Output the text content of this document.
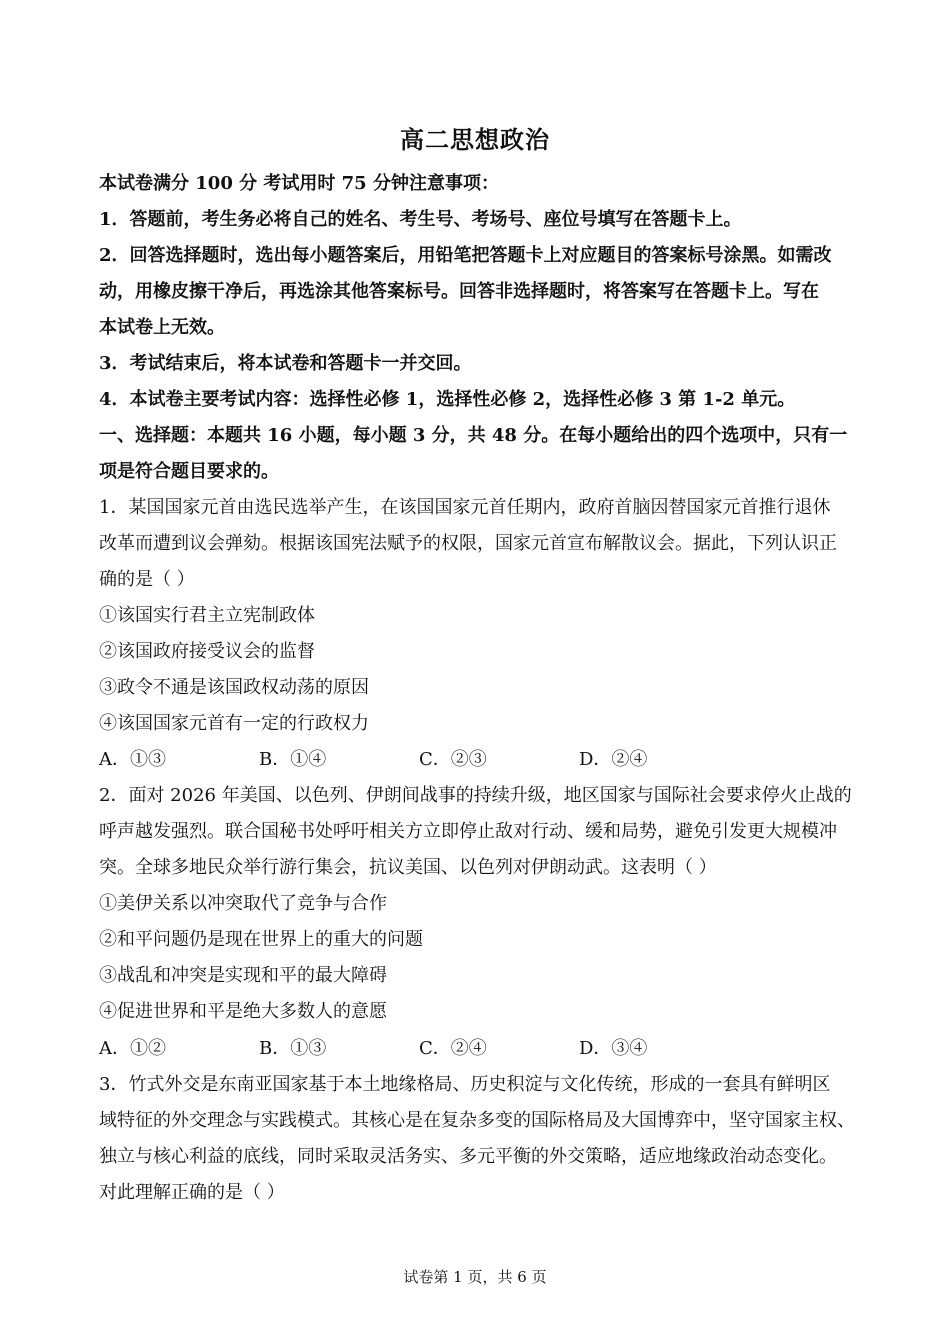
高二思想政治
本试卷满分 100 分 考试用时 75 分钟注意事项：
1．答题前，考生务必将自己的姓名、考生号、考场号、座位号填写在答题卡上。
2．回答选择题时，选出每小题答案后，用铅笔把答题卡上对应题目的答案标号涂黑。如需改
动，用橡皮擦干净后，再选涂其他答案标号。回答非选择题时，将答案写在答题卡上。写在
本试卷上无效。
3．考试结束后，将本试卷和答题卡一并交回。
4．本试卷主要考试内容：选择性必修 1，选择性必修 2，选择性必修 3 第 1-2 单元。
一、选择题：本题共 16 小题，每小题 3 分，共 48 分。在每小题给出的四个选项中，只有一
项是符合题目要求的。
1．某国国家元首由选民选举产生，在该国国家元首任期内，政府首脑因替国家元首推行退休
改革而遭到议会弹劾。根据该国宪法赋予的权限，国家元首宣布解散议会。据此，下列认识正
确的是（ ）
①该国实行君主立宪制政体
②该国政府接受议会的监督
③政令不通是该国政权动荡的原因
④该国国家元首有一定的行政权力
A．①③	B．①④	C．②③	D．②④
2．面对 2026 年美国、以色列、伊朗间战事的持续升级，地区国家与国际社会要求停火止战的
呼声越发强烈。联合国秘书处呼吁相关方立即停止敌对行动、缓和局势，避免引发更大规模冲
突。全球多地民众举行游行集会，抗议美国、以色列对伊朗动武。这表明（ ）
①美伊关系以冲突取代了竞争与合作
②和平问题仍是现在世界上的重大的问题
③战乱和冲突是实现和平的最大障碍
④促进世界和平是绝大多数人的意愿
A．①②	B．①③	C．②④	D．③④
3．竹式外交是东南亚国家基于本土地缘格局、历史积淀与文化传统，形成的一套具有鲜明区
域特征的外交理念与实践模式。其核心是在复杂多变的国际格局及大国博弈中，坚守国家主权、
独立与核心利益的底线，同时采取灵活务实、多元平衡的外交策略，适应地缘政治动态变化。
对此理解正确的是（ ）
试卷第 1 页，共 6 页
